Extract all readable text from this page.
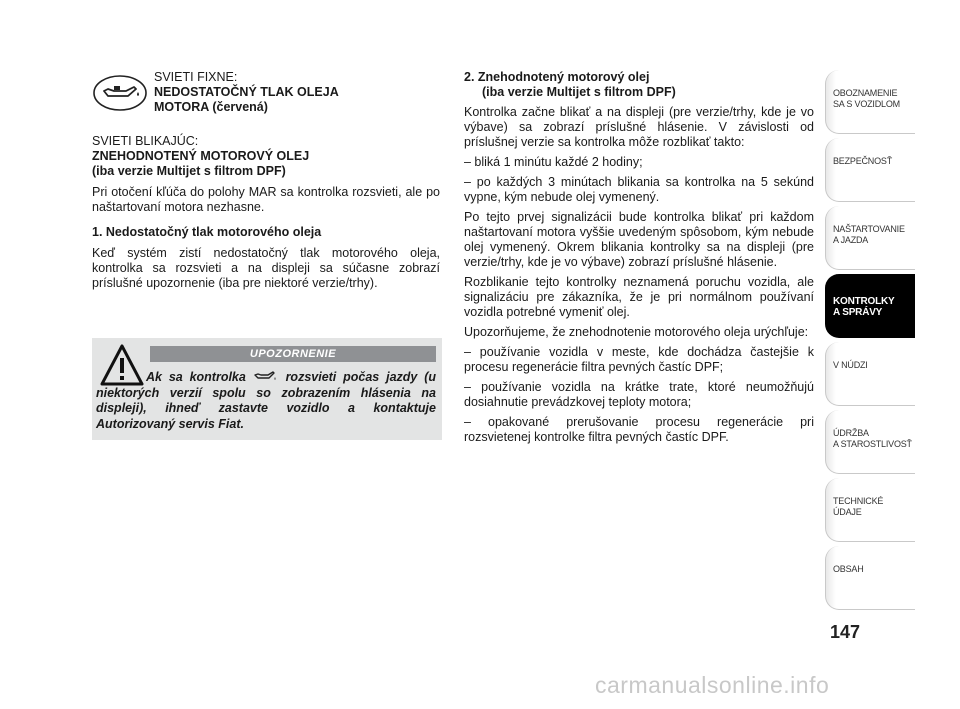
SVIETI FIXNE:
NEDOSTATOČNÝ TLAK OLEJA
MOTORA (červená)
SVIETI BLIKAJÚC:
ZNEHODNOTENÝ MOTOROVÝ OLEJ
(iba verzie Multijet s filtrom DPF)
Pri otočení kľúča do polohy MAR sa kontrolka rozsvieti, ale po naštartovaní motora nezhasne.
1. Nedostatočný tlak motorového oleja
Keď systém zistí nedostatočný tlak motorového oleja, kontrolka sa rozsvieti a na displeji sa súčasne zobrazí príslušné upozornenie (iba pre niektoré verzie/trhy).
UPOZORNENIE
Ak sa kontrolka	rozsvieti počas jazdy (u niektorých verzií spolu so zobrazením hlásenia na displeji), ihneď zastavte vozidlo a kontaktuje Autorizovaný servis Fiat.
2. Znehodnotený motorový olej
(iba verzie Multijet s filtrom DPF)
Kontrolka začne blikať a na displeji (pre verzie/trhy, kde je vo výbave) sa zobrazí príslušné hlásenie. V závislosti od príslušnej verzie sa kontrolka môže rozblikať takto:
– bliká 1 minútu každé 2 hodiny;
– po každých 3 minútach blikania sa kontrolka na 5 sekúnd vypne, kým nebude olej vymenený.
Po tejto prvej signalizácii bude kontrolka blikať pri každom naštartovaní motora vyššie uvedeným spôsobom, kým nebude olej vymenený. Okrem blikania kontrolky sa na displeji (pre verzie/trhy, kde je vo výbave) zobrazí príslušné hlásenie.
Rozblikanie tejto kontrolky neznamená poruchu vozidla, ale signalizáciu pre zákazníka, že je pri normálnom používaní vozidla potrebné vymeniť olej.
Upozorňujeme, že znehodnotenie motorového oleja urýchľuje:
– používanie vozidla v meste, kde dochádza častejšie k procesu regenerácie filtra pevných častíc DPF;
– používanie vozidla na krátke trate, ktoré neumožňujú dosiahnutie prevádzkovej teploty motora;
– opakované prerušovanie procesu regenerácie pri rozsvietenej kontrolke filtra pevných častíc DPF.
OBOZNAMENIE
SA S VOZIDLOM
BEZPEČNOSŤ
NAŠTARTOVANIE
A JAZDA
KONTROLKY
A SPRÁVY
V NÚDZI
ÚDRŽBA
A STAROSTLIVOSŤ
TECHNICKÉ
ÚDAJE
OBSAH
147
carmanualsonline.info
